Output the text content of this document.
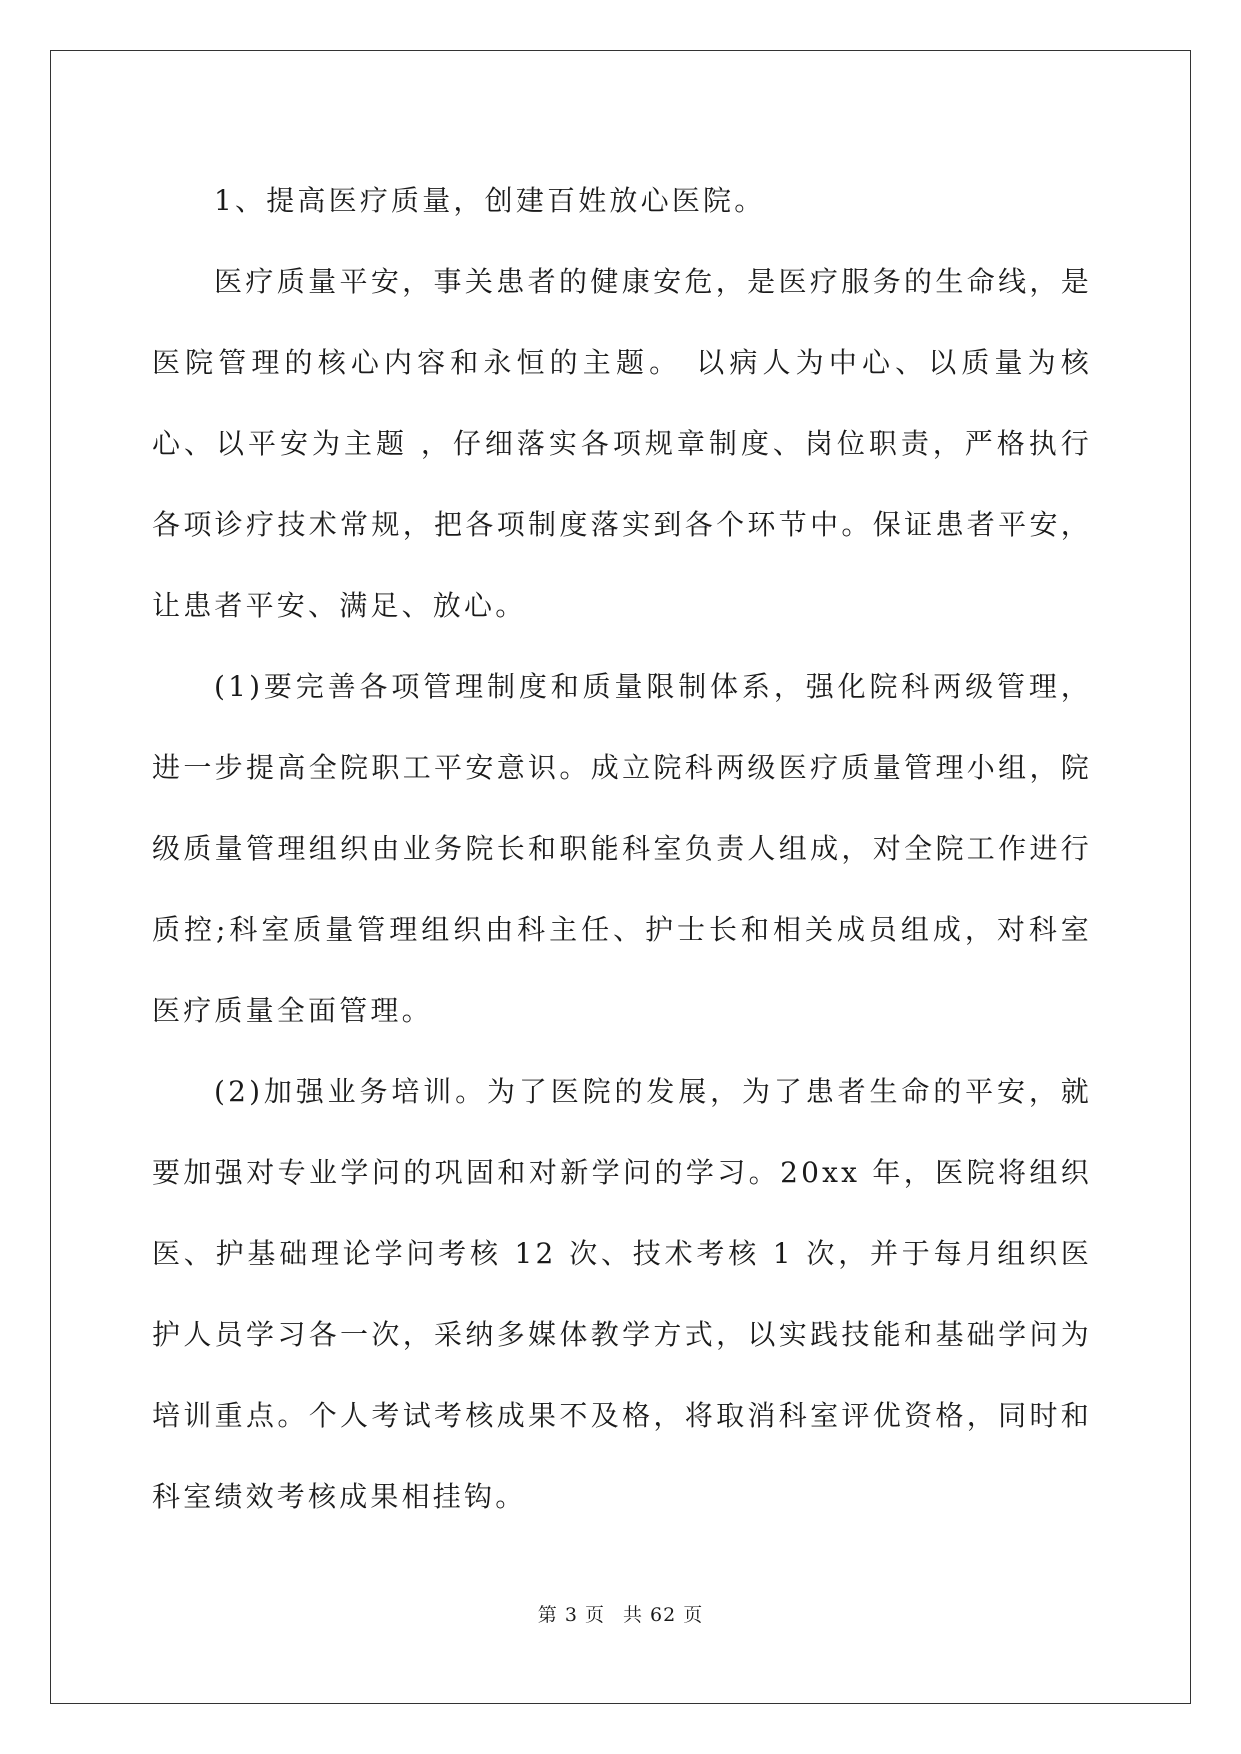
1、提高医疗质量，创建百姓放心医院。

医疗质量平安，事关患者的健康安危，是医疗服务的生命线，是医院管理的核心内容和永恒的主题。 以病人为中心、以质量为核心、以平安为主题 ，仔细落实各项规章制度、岗位职责，严格执行各项诊疗技术常规，把各项制度落实到各个环节中。保证患者平安，让患者平安、满足、放心。

(1)要完善各项管理制度和质量限制体系，强化院科两级管理，进一步提高全院职工平安意识。成立院科两级医疗质量管理小组，院级质量管理组织由业务院长和职能科室负责人组成，对全院工作进行质控;科室质量管理组织由科主任、护士长和相关成员组成，对科室医疗质量全面管理。

(2)加强业务培训。为了医院的发展，为了患者生命的平安，就要加强对专业学问的巩固和对新学问的学习。20xx 年，医院将组织医、护基础理论学问考核 12 次、技术考核 1 次，并于每月组织医护人员学习各一次，采纳多媒体教学方式，以实践技能和基础学问为培训重点。个人考试考核成果不及格，将取消科室评优资格，同时和科室绩效考核成果相挂钩。

第 3 页 共 62 页
